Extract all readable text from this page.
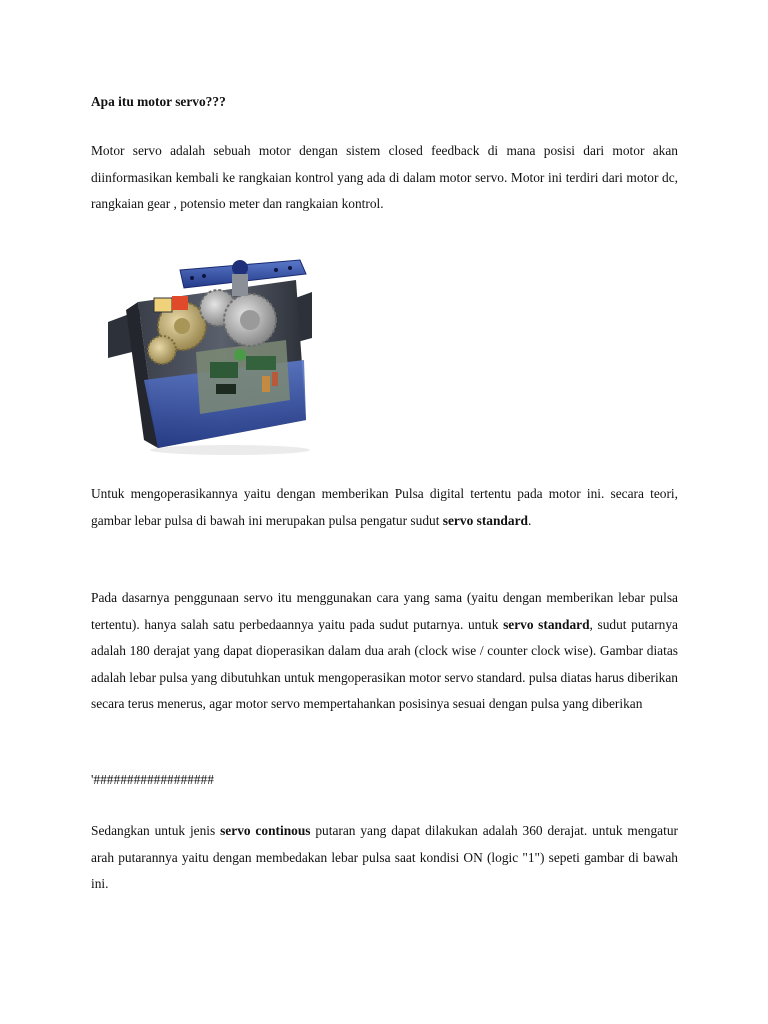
Apa itu motor servo???
Motor servo adalah sebuah motor dengan sistem closed feedback di mana posisi dari motor akan diinformasikan kembali ke rangkaian kontrol yang ada di dalam motor servo. Motor ini terdiri dari motor dc, rangkaian gear , potensio meter dan rangkaian kontrol.
Untuk mengoperasikannya yaitu dengan memberikan Pulsa digital tertentu pada motor ini. secara teori, gambar lebar pulsa di bawah ini merupakan pulsa pengatur sudut servo standard.
Pada dasarnya penggunaan servo itu menggunakan cara yang sama (yaitu dengan memberikan lebar pulsa tertentu). hanya salah satu perbedaannya yaitu pada sudut putarnya. untuk servo standard, sudut putarnya adalah 180 derajat yang dapat dioperasikan dalam dua arah (clock wise / counter clock wise). Gambar diatas adalah lebar pulsa yang dibutuhkan untuk mengoperasikan motor servo standard. pulsa diatas harus diberikan secara terus menerus, agar motor servo mempertahankan posisinya sesuai dengan pulsa yang diberikan
'##################
Sedangkan untuk jenis servo continous putaran yang dapat dilakukan adalah 360 derajat. untuk mengatur arah putarannya yaitu dengan membedakan lebar pulsa saat kondisi ON (logic "1") sepeti gambar di bawah ini.
